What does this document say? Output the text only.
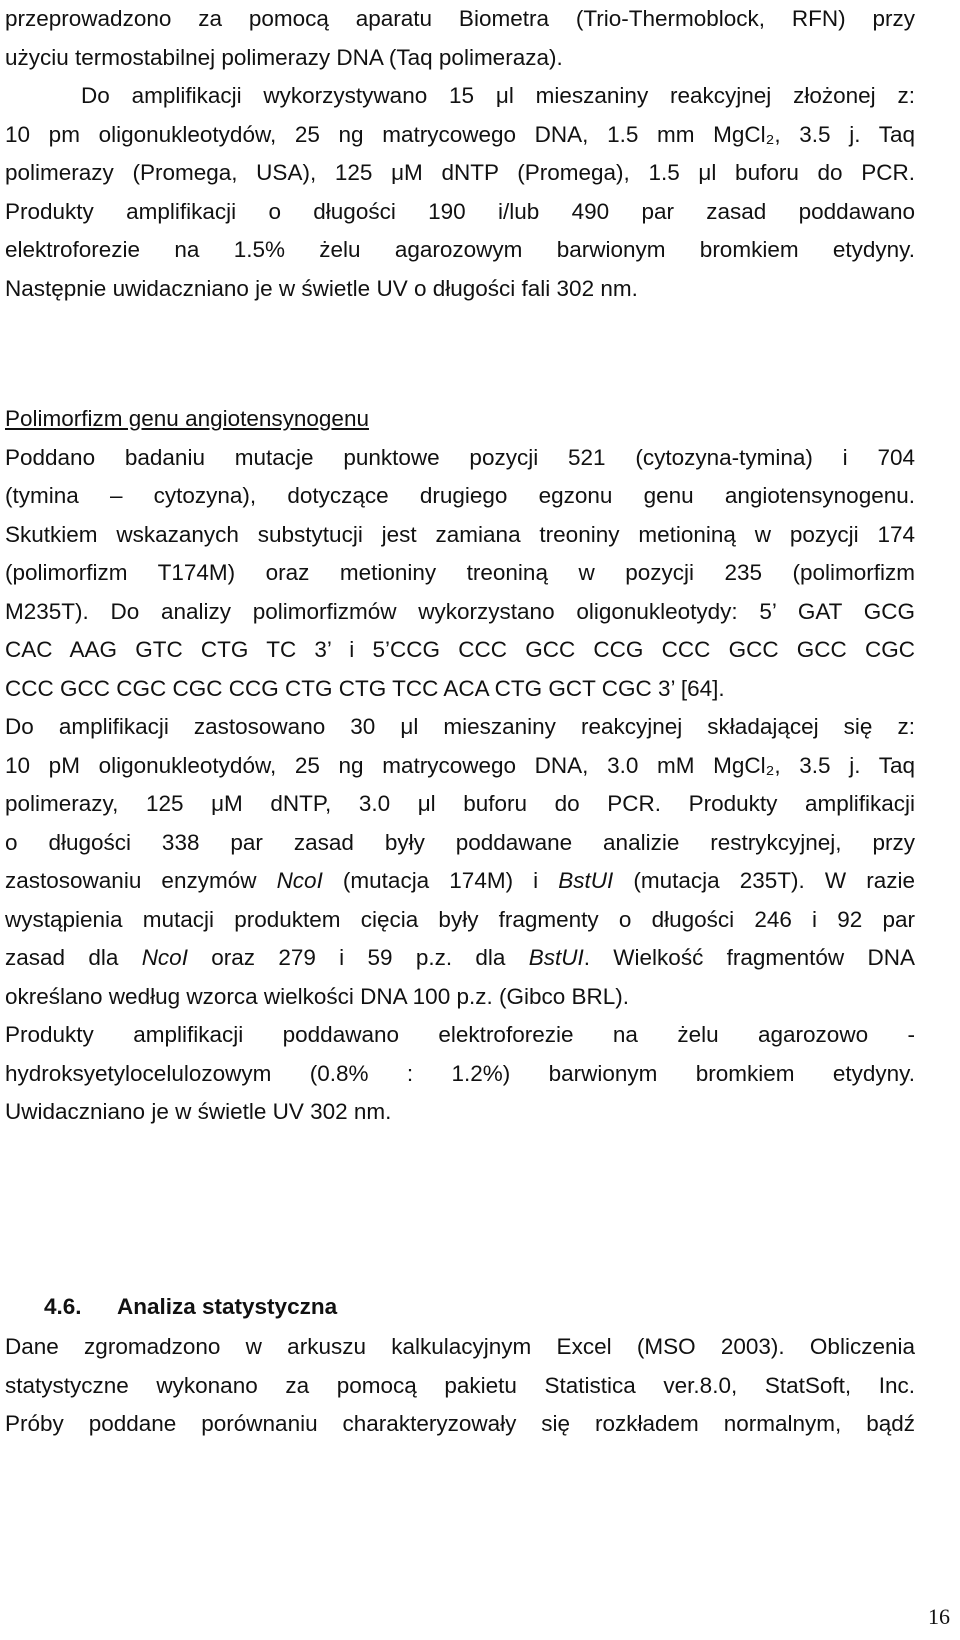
przeprowadzono za pomocą aparatu Biometra (Trio-Thermoblock, RFN) przy
użyciu termostabilnej polimerazy DNA (Taq polimeraza).
Do amplifikacji wykorzystywano 15 μl mieszaniny reakcyjnej złożonej z:
10 pm oligonukleotydów, 25 ng matrycowego DNA, 1.5 mm MgCl₂, 3.5 j. Taq
polimerazy (Promega, USA), 125 μM dNTP (Promega), 1.5 μl buforu do PCR.
Produkty amplifikacji o długości 190 i/lub 490 par zasad poddawano
elektroforezie na 1.5% żelu agarozowym barwionym bromkiem etydyny.
Następnie uwidaczniano je w świetle UV o długości fali 302 nm.
Polimorfizm genu angiotensynogenu
Poddano badaniu mutacje punktowe pozycji 521 (cytozyna-tymina) i 704
(tymina – cytozyna), dotyczące drugiego egzonu genu angiotensynogenu.
Skutkiem wskazanych substytucji jest zamiana treoniny metioniną w pozycji 174
(polimorfizm T174M) oraz metioniny treoniną w pozycji 235 (polimorfizm
M235T). Do analizy polimorfizmów wykorzystano oligonukleotydy: 5’ GAT GCG
CAC AAG GTC CTG TC 3’ i 5’CCG CCC GCC CCG CCC GCC GCC CGC
CCC GCC CGC CGC CCG CTG CTG TCC ACA CTG GCT CGC 3’ [64].
Do amplifikacji zastosowano 30 μl mieszaniny reakcyjnej składającej się z:
10 pM oligonukleotydów, 25 ng matrycowego DNA, 3.0 mM MgCl₂, 3.5 j. Taq
polimerazy, 125 μM dNTP, 3.0 μl buforu do PCR. Produkty amplifikacji
o długości 338 par zasad były poddawane analizie restrykcyjnej, przy
zastosowaniu enzymów NcoI (mutacja 174M) i BstUI (mutacja 235T). W razie
wystąpienia mutacji produktem cięcia były fragmenty o długości 246 i 92 par
zasad dla NcoI oraz 279 i 59 p.z. dla BstUI. Wielkość fragmentów DNA
określano według wzorca wielkości DNA 100 p.z. (Gibco BRL).
Produkty amplifikacji poddawano elektroforezie na żelu agarozowo -
hydroksyetylocelulozowym (0.8% : 1.2%) barwionym bromkiem etydyny.
Uwidaczniano je w świetle UV 302 nm.
4.6. Analiza statystyczna
Dane zgromadzono w arkuszu kalkulacyjnym Excel (MSO 2003). Obliczenia
statystyczne wykonano za pomocą pakietu Statistica ver.8.0, StatSoft, Inc.
Próby poddane porównaniu charakteryzowały się rozkładem normalnym, bądź
16
